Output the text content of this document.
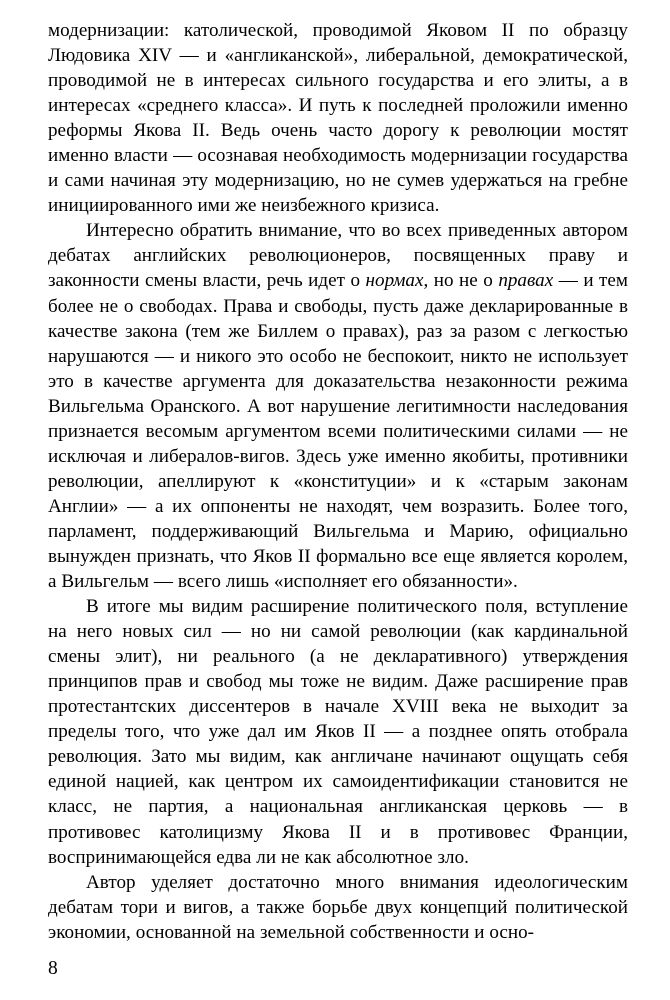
модернизации: католической, проводимой Яковом II по образцу Людовика XIV — и «англиканской», либеральной, демократической, проводимой не в интересах сильного государства и его элиты, а в интересах «среднего класса». И путь к последней проложили именно реформы Якова II. Ведь очень часто дорогу к революции мостят именно власти — осознавая необходимость модернизации государства и сами начиная эту модернизацию, но не сумев удержаться на гребне инициированного ими же неизбежного кризиса.

Интересно обратить внимание, что во всех приведенных автором дебатах английских революционеров, посвященных праву и законности смены власти, речь идет о нормах, но не о правах — и тем более не о свободах. Права и свободы, пусть даже декларированные в качестве закона (тем же Биллем о правах), раз за разом с легкостью нарушаются — и никого это особо не беспокоит, никто не использует это в качестве аргумента для доказательства незаконности режима Вильгельма Оранского. А вот нарушение легитимности наследования признается весомым аргументом всеми политическими силами — не исключая и либералов-вигов. Здесь уже именно якобиты, противники революции, апеллируют к «конституции» и к «старым законам Англии» — а их оппоненты не находят, чем возразить. Более того, парламент, поддерживающий Вильгельма и Марию, официально вынужден признать, что Яков II формально все еще является королем, а Вильгельм — всего лишь «исполняет его обязанности».

В итоге мы видим расширение политического поля, вступление на него новых сил — но ни самой революции (как кардинальной смены элит), ни реального (а не декларативного) утверждения принципов прав и свобод мы тоже не видим. Даже расширение прав протестантских диссентеров в начале XVIII века не выходит за пределы того, что уже дал им Яков II — а позднее опять отобрала революция. Зато мы видим, как англичане начинают ощущать себя единой нацией, как центром их самоидентификации становится не класс, не партия, а национальная англиканская церковь — в противовес католицизму Якова II и в противовес Франции, воспринимающейся едва ли не как абсолютное зло.

Автор уделяет достаточно много внимания идеологическим дебатам тори и вигов, а также борьбе двух концепций политической экономии, основанной на земельной собственности и осно-

8
